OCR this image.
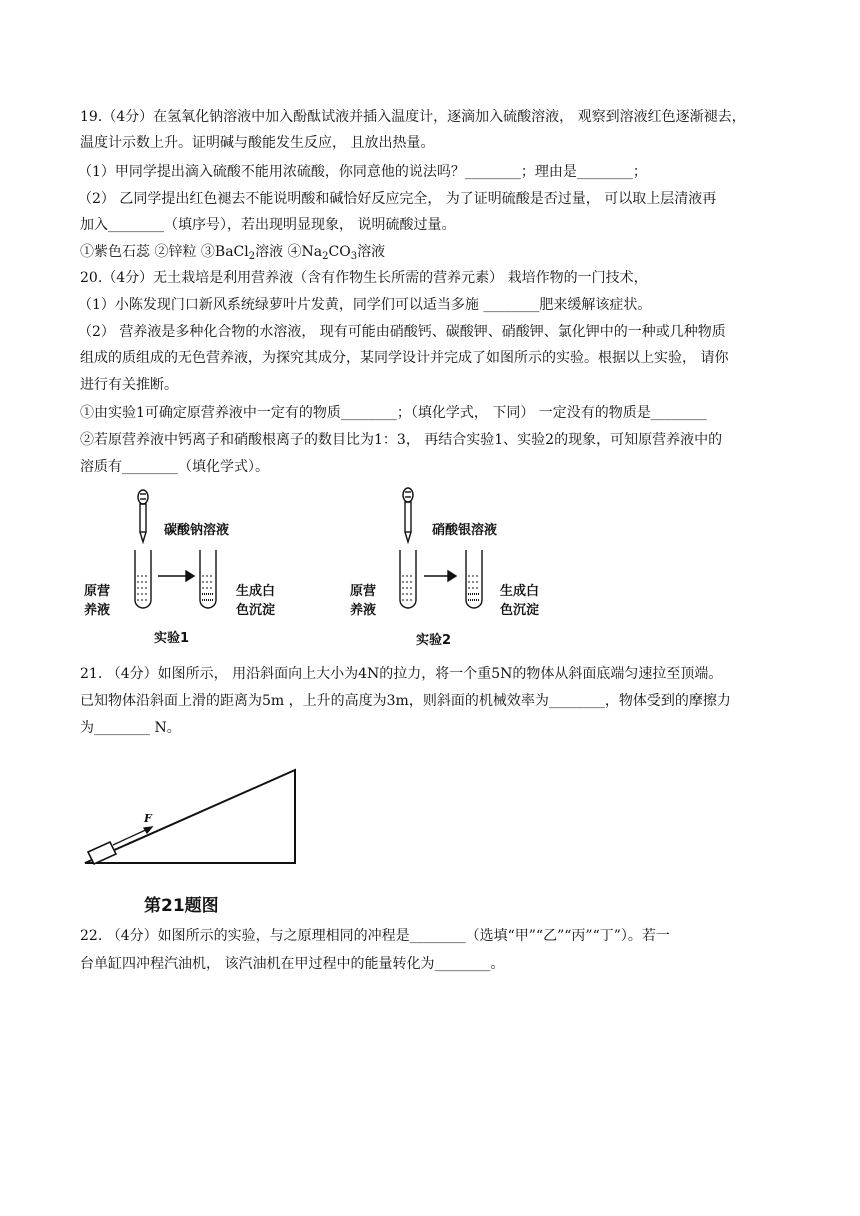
19.（4分）在氢氧化钠溶液中加入酚酞试液并插入温度计，逐滴加入硫酸溶液， 观察到溶液红色逐渐褪去，
温度计示数上升。证明碱与酸能发生反应， 且放出热量。
（1）甲同学提出滴入硫酸不能用浓硫酸，你同意他的说法吗？________；理由是________；
（2） 乙同学提出红色褪去不能说明酸和碱恰好反应完全， 为了证明硫酸是否过量， 可以取上层清液再
加入________（填序号），若出现明显现象， 说明硫酸过量。
①紫色石蕊 ②锌粒 ③BaCl$_2$溶液 $④Na_2CO_3$溶液
20.（4分）无土栽培是利用营养液（含有作物生长所需的营养元素） 栽培作物的一门技术，
（1）小陈发现门口新风系统绿萝叶片发黄，同学们可以适当多施 ________肥来缓解该症状。
（2） 营养液是多种化合物的水溶液， 现有可能由硝酸钙、碳酸钾、硝酸钾、氯化钾中的一种或几种物质
组成的质组成的无色营养液，为探究其成分，某同学设计并完成了如图所示的实验。根据以上实验， 请你
进行有关推断。
①由实验1可确定原营养液中一定有的物质________；（填化学式， 下同） 一定没有的物质是________
②若原营养液中钙离子和硝酸根离子的数目比为1：3， 再结合实验1、实验2的现象，可知原营养液中的
溶质有________（填化学式）。
碳酸钠溶液
原营
养液
生成白
色沉淀
实验1
硝酸银溶液
原营
养液
生成白
色沉淀
实验2
21. （4分）如图所示， 用沿斜面向上大小为4N的拉力，将一个重5N的物体从斜面底端匀速拉至顶端。
已知物体沿斜面上滑的距离为5m ，上升的高度为3m，则斜面的机械效率为________，物体受到的摩擦力
为________ N。
F
第21题图
22. （4分）如图所示的实验，与之原理相同的冲程是________（选填“甲”“乙”“丙”“丁”）。若一
台单缸四冲程汽油机， 该汽油机在甲过程中的能量转化为________。
